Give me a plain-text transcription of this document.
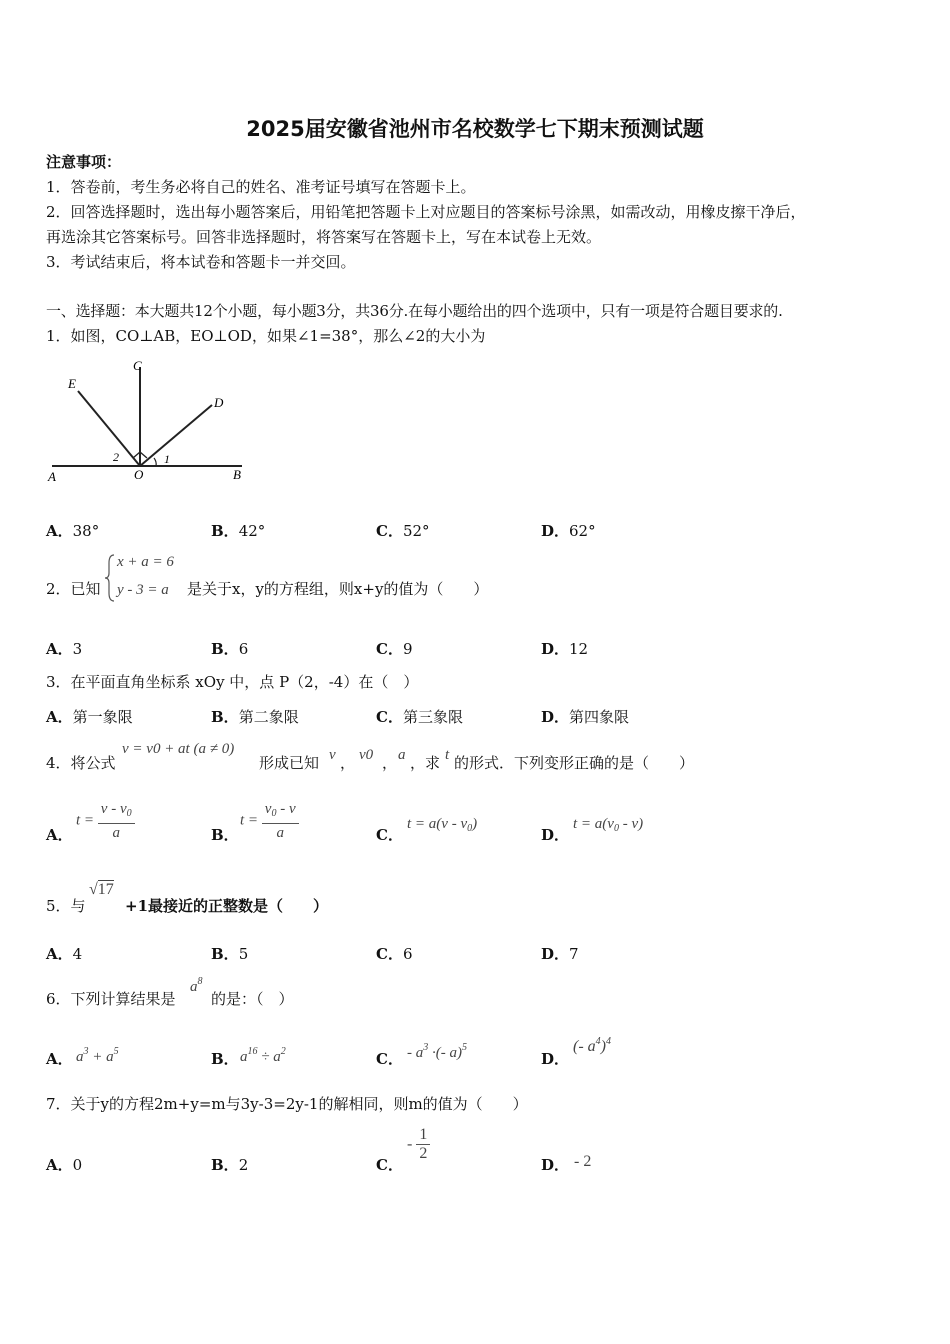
2025届安徽省池州市名校数学七下期末预测试题
注意事项：
1．答卷前，考生务必将自己的姓名、准考证号填写在答题卡上。
2．回答选择题时，选出每小题答案后，用铅笔把答题卡上对应题目的答案标号涂黑，如需改动，用橡皮擦干净后，
再选涂其它答案标号。回答非选择题时，将答案写在答题卡上，写在本试卷上无效。
3．考试结束后，将本试卷和答题卡一并交回。
一、选择题：本大题共12个小题，每小题3分，共36分.在每小题给出的四个选项中，只有一项是符合题目要求的.
1．如图，CO⊥AB，EO⊥OD，如果∠1=38°，那么∠2的大小为
E
C
D
A	O	B
1
2
A．38°	B．42°	C．52°	D．62°
2．已知
x + a = 6
y - 3 = a 是关于x，y的方程组，则x+y的值为（　　）
A．3	B．6	C．9	D．12
3．在平面直角坐标系 xOy 中，点 P（2，-4）在（　）
A．第一象限	B．第二象限	C．第三象限	D．第四象限
4．将公式
v = v0 + at (a ≠ 0)
形成已知 v ， v0 ， a ，求 t 的形式．下列变形正确的是（　　）
A．
$t = \frac{v - v_0}{a}$	B．
$t = \frac{v_0 - v}{a}$	C．
$t = a(v - v_0)$
D．
$t = a(v_0 - v)$
5．与
√17
+1最接近的正整数是（　　）
A．4	B．5	C．6	D．7
6．下列计算结果是
$a^8$
的是：（　）
A． $a^3 + a^5$	B． $a^{16} \div a^2$	C． - $a^3$ ·(- a)$^5$
D．
(- $a^4)^4$
7．关于y的方程2m+y=m与3y-3=2y-1的解相同，则m的值为（　　）
A．0	B．2	C．
- $\frac{1}{2}$
D． - 2
